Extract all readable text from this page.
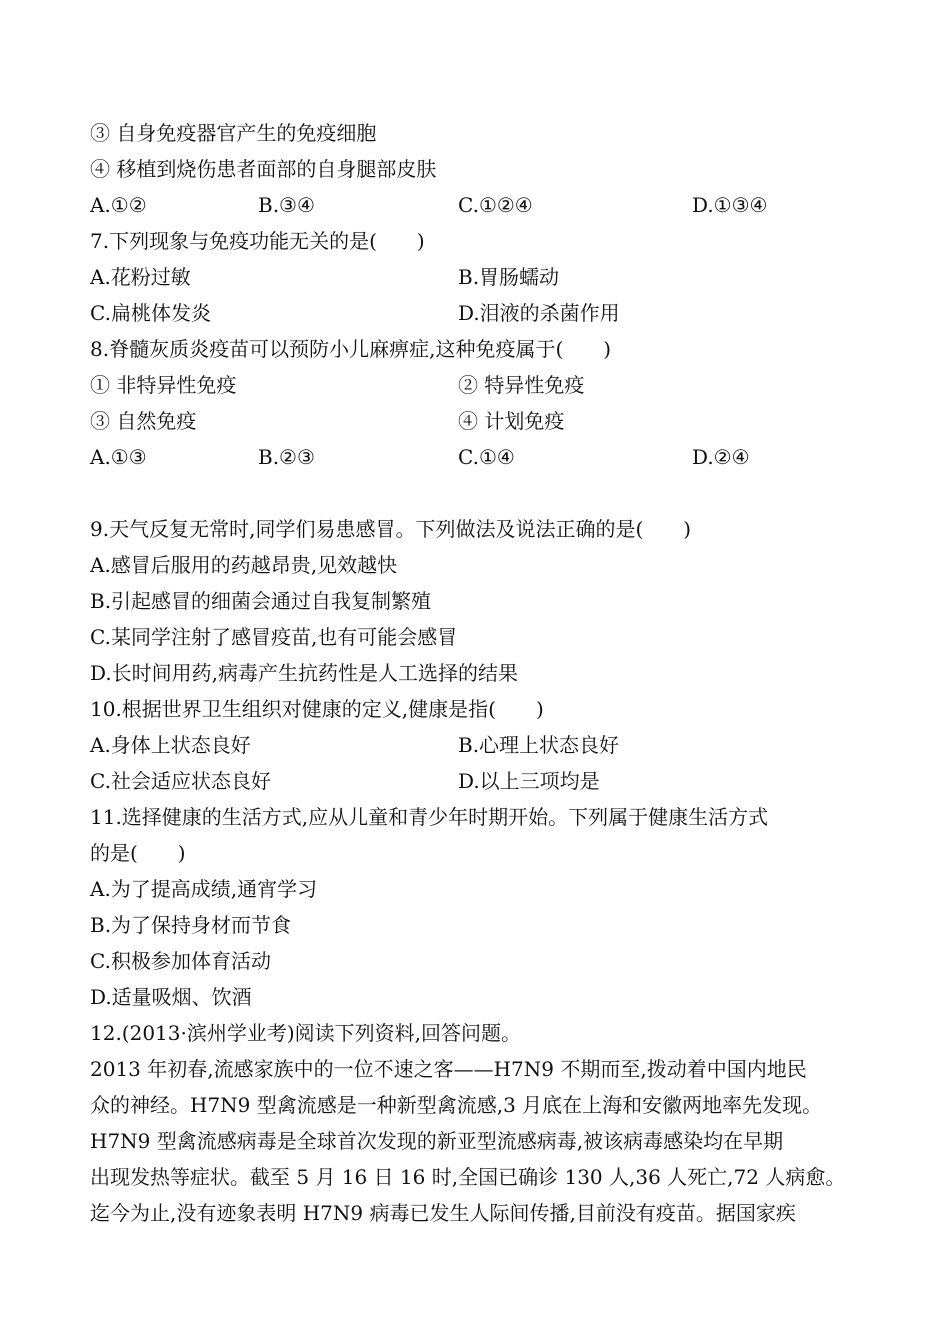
③ 自身免疫器官产生的免疫细胞
④ 移植到烧伤患者面部的自身腿部皮肤
A.①②	B.③④	C.①②④	D.①③④
7.下列现象与免疫功能无关的是(　　)
A.花粉过敏	B.胃肠蠕动
C.扁桃体发炎	D.泪液的杀菌作用
8.脊髓灰质炎疫苗可以预防小儿麻痹症,这种免疫属于(　　)
① 非特异性免疫	② 特异性免疫
③ 自然免疫	④ 计划免疫
A.①③	B.②③	C.①④	D.②④
9.天气反复无常时,同学们易患感冒。下列做法及说法正确的是(　　)
A.感冒后服用的药越昂贵,见效越快
B.引起感冒的细菌会通过自我复制繁殖
C.某同学注射了感冒疫苗,也有可能会感冒
D.长时间用药,病毒产生抗药性是人工选择的结果
10.根据世界卫生组织对健康的定义,健康是指(　　)
A.身体上状态良好	B.心理上状态良好
C.社会适应状态良好	D.以上三项均是
11.选择健康的生活方式,应从儿童和青少年时期开始。下列属于健康生活方式
的是(　　)
A.为了提高成绩,通宵学习
B.为了保持身材而节食
C.积极参加体育活动
D.适量吸烟、饮酒
12.(2013·滨州学业考)阅读下列资料,回答问题。
2013 年初春,流感家族中的一位不速之客——H7N9 不期而至,拨动着中国内地民
众的神经。H7N9 型禽流感是一种新型禽流感,3 月底在上海和安徽两地率先发现。
H7N9 型禽流感病毒是全球首次发现的新亚型流感病毒,被该病毒感染均在早期
出现发热等症状。截至 5 月 16 日 16 时,全国已确诊 130 人,36 人死亡,72 人病愈。
迄今为止,没有迹象表明 H7N9 病毒已发生人际间传播,目前没有疫苗。据国家疾
